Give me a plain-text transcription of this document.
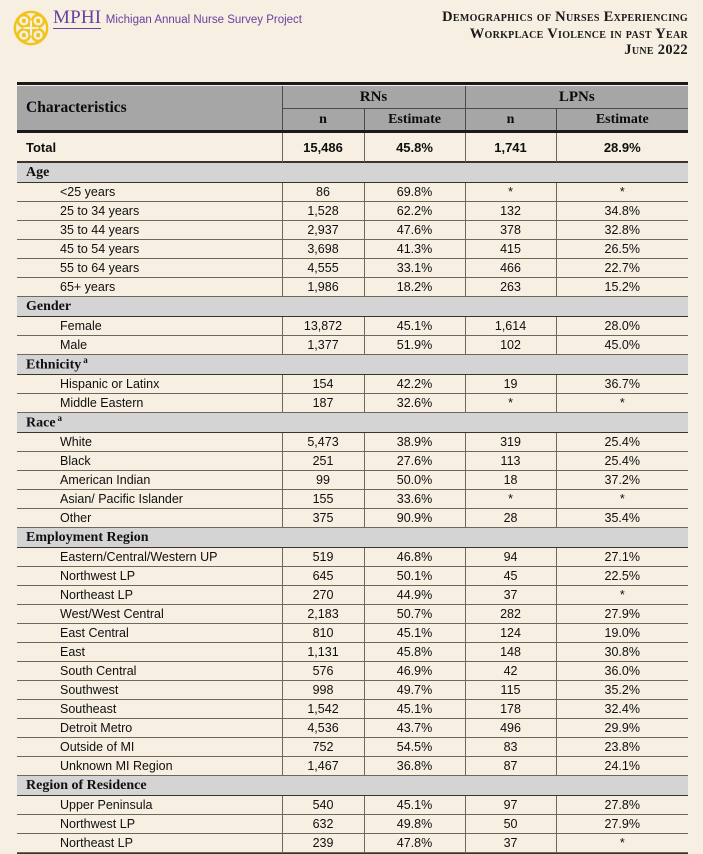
MPHI Michigan Annual Nurse Survey Project	Demographics of Nurses Experiencing
Workplace Violence in past Year
June 2022
Characteristics	RNs		LPNs	
	n	Estimate	n	Estimate

Total	15,486	45.8%	1,741	28.9%

Age				
<25 years	86	69.8%	*	*
25 to 34 years	1,528	62.2%	132	34.8%
35 to 44 years	2,937	47.6%	378	32.8%
45 to 54 years	3,698	41.3%	415	26.5%
55 to 64 years	4,555	33.1%	466	22.7%
65+ years	1,986	18.2%	263	15.2%
Gender				
Female	13,872	45.1%	1,614	28.0%
Male	1,377	51.9%	102	45.0%
Ethnicity $^a$
Hispanic or Latinx	154	42.2%	19	36.7%
Middle Eastern	187	32.6%	*	*
Race $^a$
White	5,473	38.9%	319	25.4%
Black	251	27.6%	113	25.4%
American Indian	99	50.0%	18	37.2%
Asian/ Pacific Islander	155	33.6%	*	*
Other	375	90.9%	28	35.4%
Employment Region				
Eastern/Central/Western UP	519	46.8%	94	27.1%
Northwest LP	645	50.1%	45	22.5%
Northeast LP	270	44.9%	37	*
West/West Central	2,183	50.7%	282	27.9%
East Central	810	45.1%	124	19.0%
East	1,131	45.8%	148	30.8%
South Central	576	46.9%	42	36.0%
Southwest	998	49.7%	115	35.2%
Southeast	1,542	45.1%	178	32.4%
Detroit Metro	4,536	43.7%	496	29.9%
Outside of MI	752	54.5%	83	23.8%
Unknown MI Region	1,467	36.8%	87	24.1%
Region of Residence				
Upper Peninsula	540	45.1%	97	27.8%
Northwest LP	632	49.8%	50	27.9%
Northeast LP	239	47.8%	37	*
